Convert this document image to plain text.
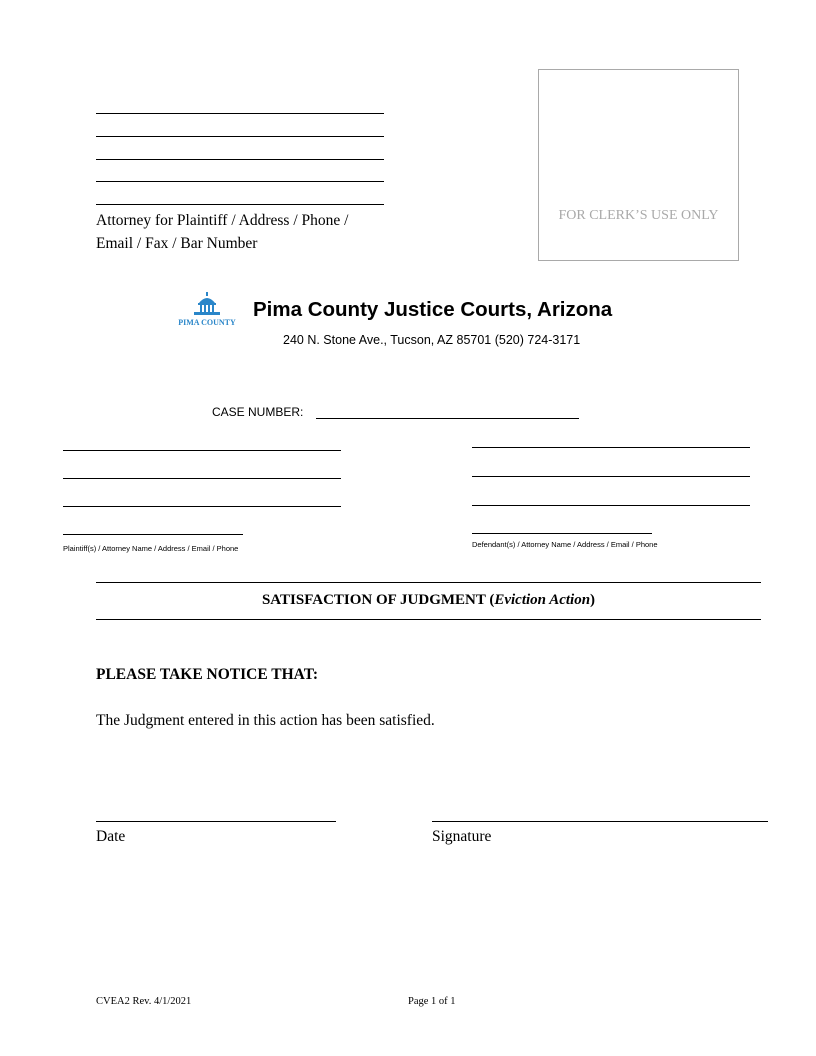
Attorney for Plaintiff / Address / Phone /
Email / Fax / Bar Number
FOR CLERK’S USE ONLY
PIMA COUNTY
Pima County Justice Courts, Arizona
240 N. Stone Ave., Tucson, AZ 85701 (520) 724-3171
CASE NUMBER:
Plaintiff(s) / Attorney Name / Address / Email / Phone	Defendant(s) / Attorney Name / Address / Email / Phone
SATISFACTION OF JUDGMENT (Eviction Action)
PLEASE TAKE NOTICE THAT:
The Judgment entered in this action has been satisfied.
Date	Signature
CVEA2 Rev. 4/1/2021	Page 1 of 1
